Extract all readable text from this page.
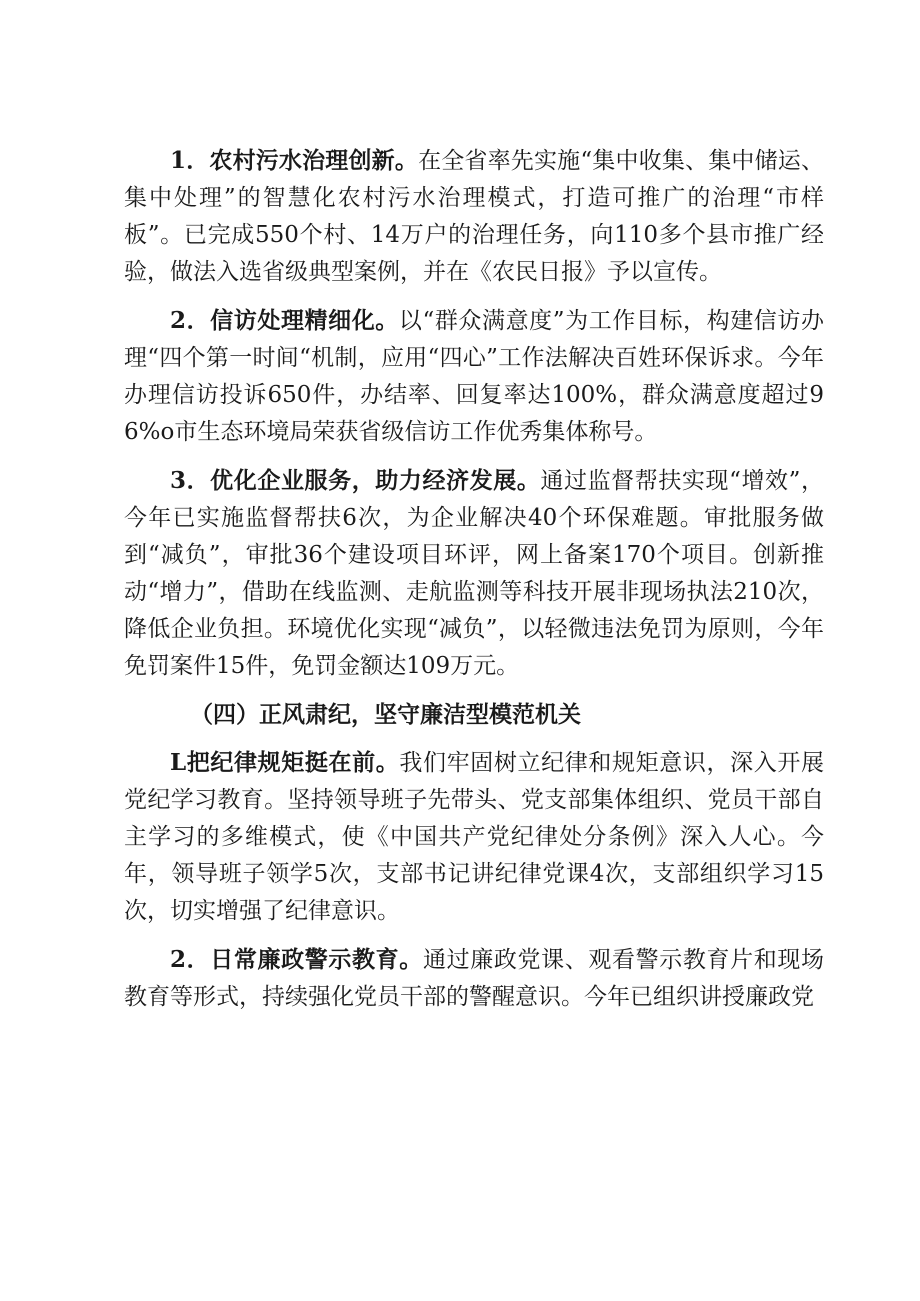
1．农村污水治理创新。在全省率先实施“集中收集、集中储运、集中处理”的智慧化农村污水治理模式，打造可推广的治理“市样板”。已完成550个村、14万户的治理任务，向110多个县市推广经验，做法入选省级典型案例，并在《农民日报》予以宣传。

2．信访处理精细化。以“群众满意度”为工作目标，构建信访办理“四个第一时间“机制，应用“四心”工作法解决百姓环保诉求。今年办理信访投诉650件，办结率、回复率达100%，群众满意度超过96%o市生态环境局荣获省级信访工作优秀集体称号。

3．优化企业服务，助力经济发展。通过监督帮扶实现“增效”，今年已实施监督帮扶6次，为企业解决40个环保难题。审批服务做到“减负”，审批36个建设项目环评，网上备案170个项目。创新推动“增力”，借助在线监测、走航监测等科技开展非现场执法210次，降低企业负担。环境优化实现“减负”，以轻微违法免罚为原则，今年免罚案件15件，免罚金额达109万元。

（四）正风肃纪，坚守廉洁型模范机关

L把纪律规矩挺在前。我们牢固树立纪律和规矩意识，深入开展党纪学习教育。坚持领导班子先带头、党支部集体组织、党员干部自主学习的多维模式，使《中国共产党纪律处分条例》深入人心。今年，领导班子领学5次，支部书记讲纪律党课4次，支部组织学习15次，切实增强了纪律意识。

2．日常廉政警示教育。通过廉政党课、观看警示教育片和现场教育等形式，持续强化党员干部的警醒意识。今年已组织讲授廉政党
